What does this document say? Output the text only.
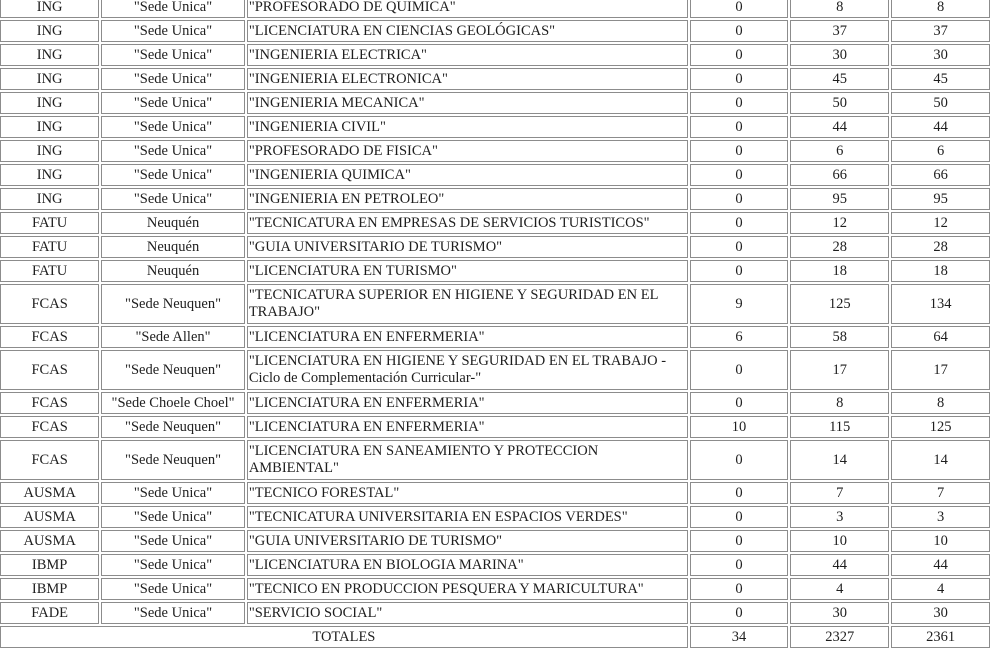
ING	"Sede Unica"	"PROFESORADO DE QUIMICA"	0	8	8
ING	"Sede Unica"	"LICENCIATURA EN CIENCIAS GEOLÓGICAS"	0	37	37
ING	"Sede Unica"	"INGENIERIA ELECTRICA"	0	30	30
ING	"Sede Unica"	"INGENIERIA ELECTRONICA"	0	45	45
ING	"Sede Unica"	"INGENIERIA MECANICA"	0	50	50
ING	"Sede Unica"	"INGENIERIA CIVIL"	0	44	44
ING	"Sede Unica"	"PROFESORADO DE FISICA"	0	6	6
ING	"Sede Unica"	"INGENIERIA QUIMICA"	0	66	66
ING	"Sede Unica"	"INGENIERIA EN PETROLEO"	0	95	95
FATU	Neuquén	"TECNICATURA EN EMPRESAS DE SERVICIOS TURISTICOS"	0	12	12
FATU	Neuquén	"GUIA UNIVERSITARIO DE TURISMO"	0	28	28
FATU	Neuquén	"LICENCIATURA EN TURISMO"	0	18	18
FCAS	"Sede Neuquen"	"TECNICATURA SUPERIOR EN HIGIENE Y SEGURIDAD EN EL TRABAJO"	9	125	134
FCAS	"Sede Allen"	"LICENCIATURA EN ENFERMERIA"	6	58	64
FCAS	"Sede Neuquen"	"LICENCIATURA EN HIGIENE Y SEGURIDAD EN EL TRABAJO -Ciclo de Complementación Curricular-"	0	17	17
FCAS	"Sede Choele Choel"	"LICENCIATURA EN ENFERMERIA"	0	8	8
FCAS	"Sede Neuquen"	"LICENCIATURA EN ENFERMERIA"	10	115	125
FCAS	"Sede Neuquen"	"LICENCIATURA EN SANEAMIENTO Y PROTECCION AMBIENTAL"	0	14	14
AUSMA	"Sede Unica"	"TECNICO FORESTAL"	0	7	7
AUSMA	"Sede Unica"	"TECNICATURA UNIVERSITARIA EN ESPACIOS VERDES"	0	3	3
AUSMA	"Sede Unica"	"GUIA UNIVERSITARIO DE TURISMO"	0	10	10
IBMP	"Sede Unica"	"LICENCIATURA EN BIOLOGIA MARINA"	0	44	44
IBMP	"Sede Unica"	"TECNICO EN PRODUCCION PESQUERA Y MARICULTURA"	0	4	4
FADE	"Sede Unica"	"SERVICIO SOCIAL"	0	30	30
TOTALES			34	2327	2361
